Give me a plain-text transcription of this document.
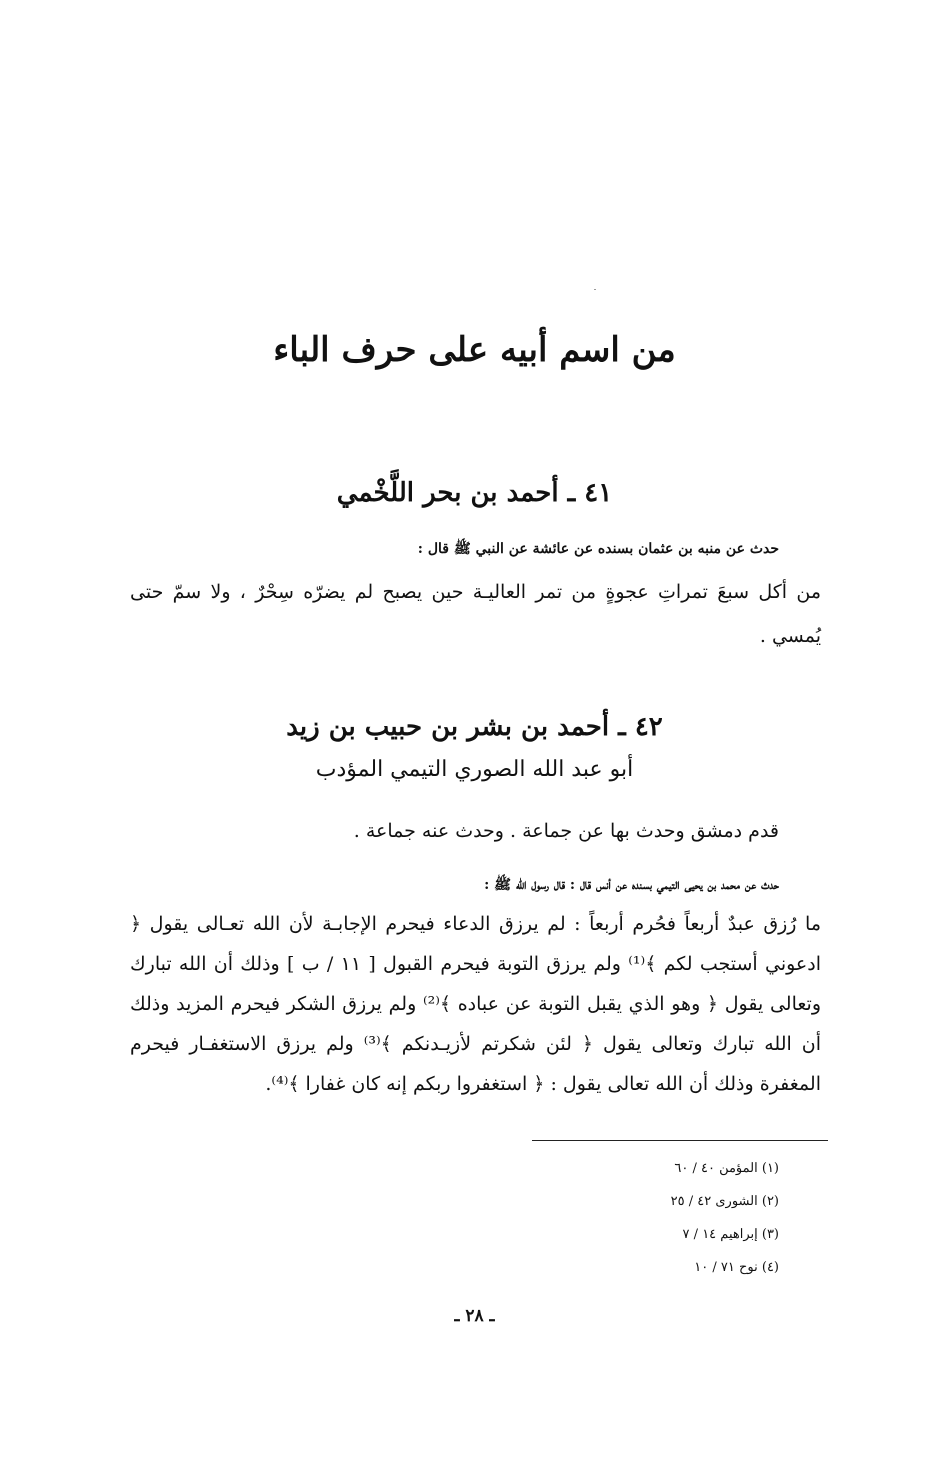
من اسم أبيه على حرف الباء
٤١ ـ أحمد بن بحر اللَّخْمي
حدث عن منبه بن عثمان بسنده عن عائشة عن النبي ﷺ قال :
من أكل سبعَ تمراتِ عجوةٍ من تمر العاليـة حين يصبح لم يضرّه سِحْرٌ ، ولا سمّ حتى يُمسي .
٤٢ ـ أحمد بن بشر بن حبيب بن زيد
أبو عبد الله الصوري التيمي المؤدب
قدم دمشق وحدث بها عن جماعة . وحدث عنه جماعة .
حدث عن محمد بن يحيى التيمي بسنده عن أنس قال : قال رسول الله ﷺ :
ما رُزق عبدٌ أربعاً فحُرم أربعاً : لم يرزق الدعاء فيحرم الإجابـة لأن الله تعـالى يقول ﴿ ادعوني أستجب لكم ﴾⁽¹⁾ ولم يرزق التوبة فيحرم القبول [ ١١ / ب ] وذلك أن الله تبارك وتعالى يقول ﴿ وهو الذي يقبل التوبة عن عباده ﴾⁽²⁾ ولم يرزق الشكر فيحرم المزيد وذلك أن الله تبارك وتعالى يقول ﴿ لئن شكرتم لأزيـدنكم ﴾⁽³⁾ ولم يرزق الاستغفـار فيحرم المغفرة وذلك أن الله تعالى يقول : ﴿ استغفروا ربكم إنه كان غفارا ﴾⁽⁴⁾.
(١) المؤمن ٤٠ / ٦٠
(٢) الشورى ٤٢ / ٢٥
(٣) إبراهيم ١٤ / ٧
(٤) نوح ٧١ / ١٠
ـ ٢٨ ـ
